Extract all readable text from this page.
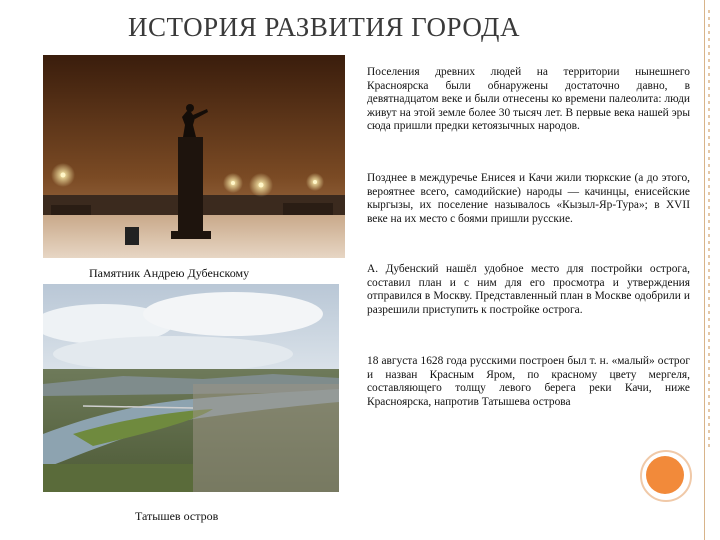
ИСТОРИЯ РАЗВИТИЯ ГОРОДА
Памятник Андрею Дубенскому
Татышев остров
Поселения древних людей на территории нынешнего Красноярска были обнаружены достаточно давно, в девятнадцатом веке и были отнесены ко времени палеолита: люди живут на этой земле более 30 тысяч лет. В первые века нашей эры сюда пришли предки кетоязычных народов.
Позднее в междуречье Енисея и Качи жили тюркские (а до этого, вероятнее всего, самодийские) народы — качинцы, енисейские кыргызы, их поселение называлось «Кызыл-Яр-Тура»; в XVII веке на их место с боями пришли русские.
А. Дубенский нашёл удобное место для постройки острога, составил план и с ним для его просмотра и утверждения отправился в Москву. Представленный план в Москве одобрили и разрешили приступить к постройке острога.
18 августа 1628 года русскими построен был т. н. «малый» острог и назван Красным Яром, по красному цвету мергеля, составляющего толщу левого берега реки Качи, ниже Красноярска, напротив Татышева острова
